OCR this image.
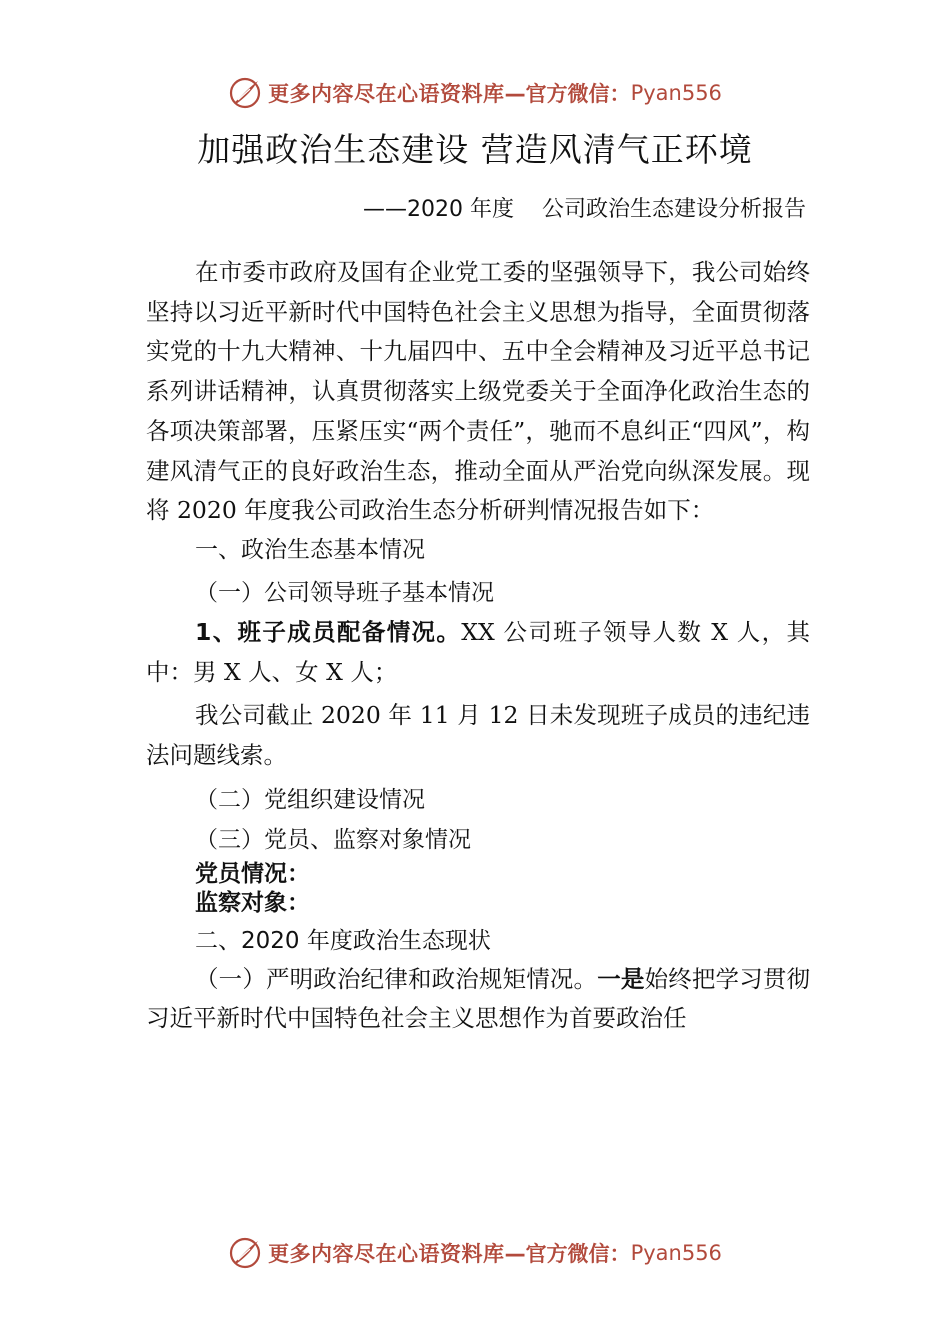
更多内容尽在心语资料库 —官方微信： Pyan556
加强政治生态建设 营造风清气正环境
——2020 年度    公司政治生态建设分析报告

在市委市政府及国有企业党工委的坚强领导下，我公司始终坚持以习近平新时代中国特色社会主义思想为指导，全面贯彻落实党的十九大精神、十九届四中、五中全会精神及习近平总书记系列讲话精神，认真贯彻落实上级党委关于全面净化政治生态的各项决策部署，压紧压实“两个责任”，驰而不息纠正“四风”，构建风清气正的良好政治生态，推动全面从严治党向纵深发展。现将 2020 年度我公司政治生态分析研判情况报告如下：

一、政治生态基本情况

（一）公司领导班子基本情况

1、班子成员配备情况。XX 公司班子领导人数 X 人，其中：男 X 人、女 X 人；

我公司截止 2020 年 11 月 12 日未发现班子成员的违纪违法问题线索。

（二）党组织建设情况

（三）党员、监察对象情况

党员情况：

监察对象：

二、2020 年度政治生态现状

（一）严明政治纪律和政治规矩情况。一是始终把学习贯彻习近平新时代中国特色社会主义思想作为首要政治任

更多内容尽在心语资料库 —官方微信： Pyan556
